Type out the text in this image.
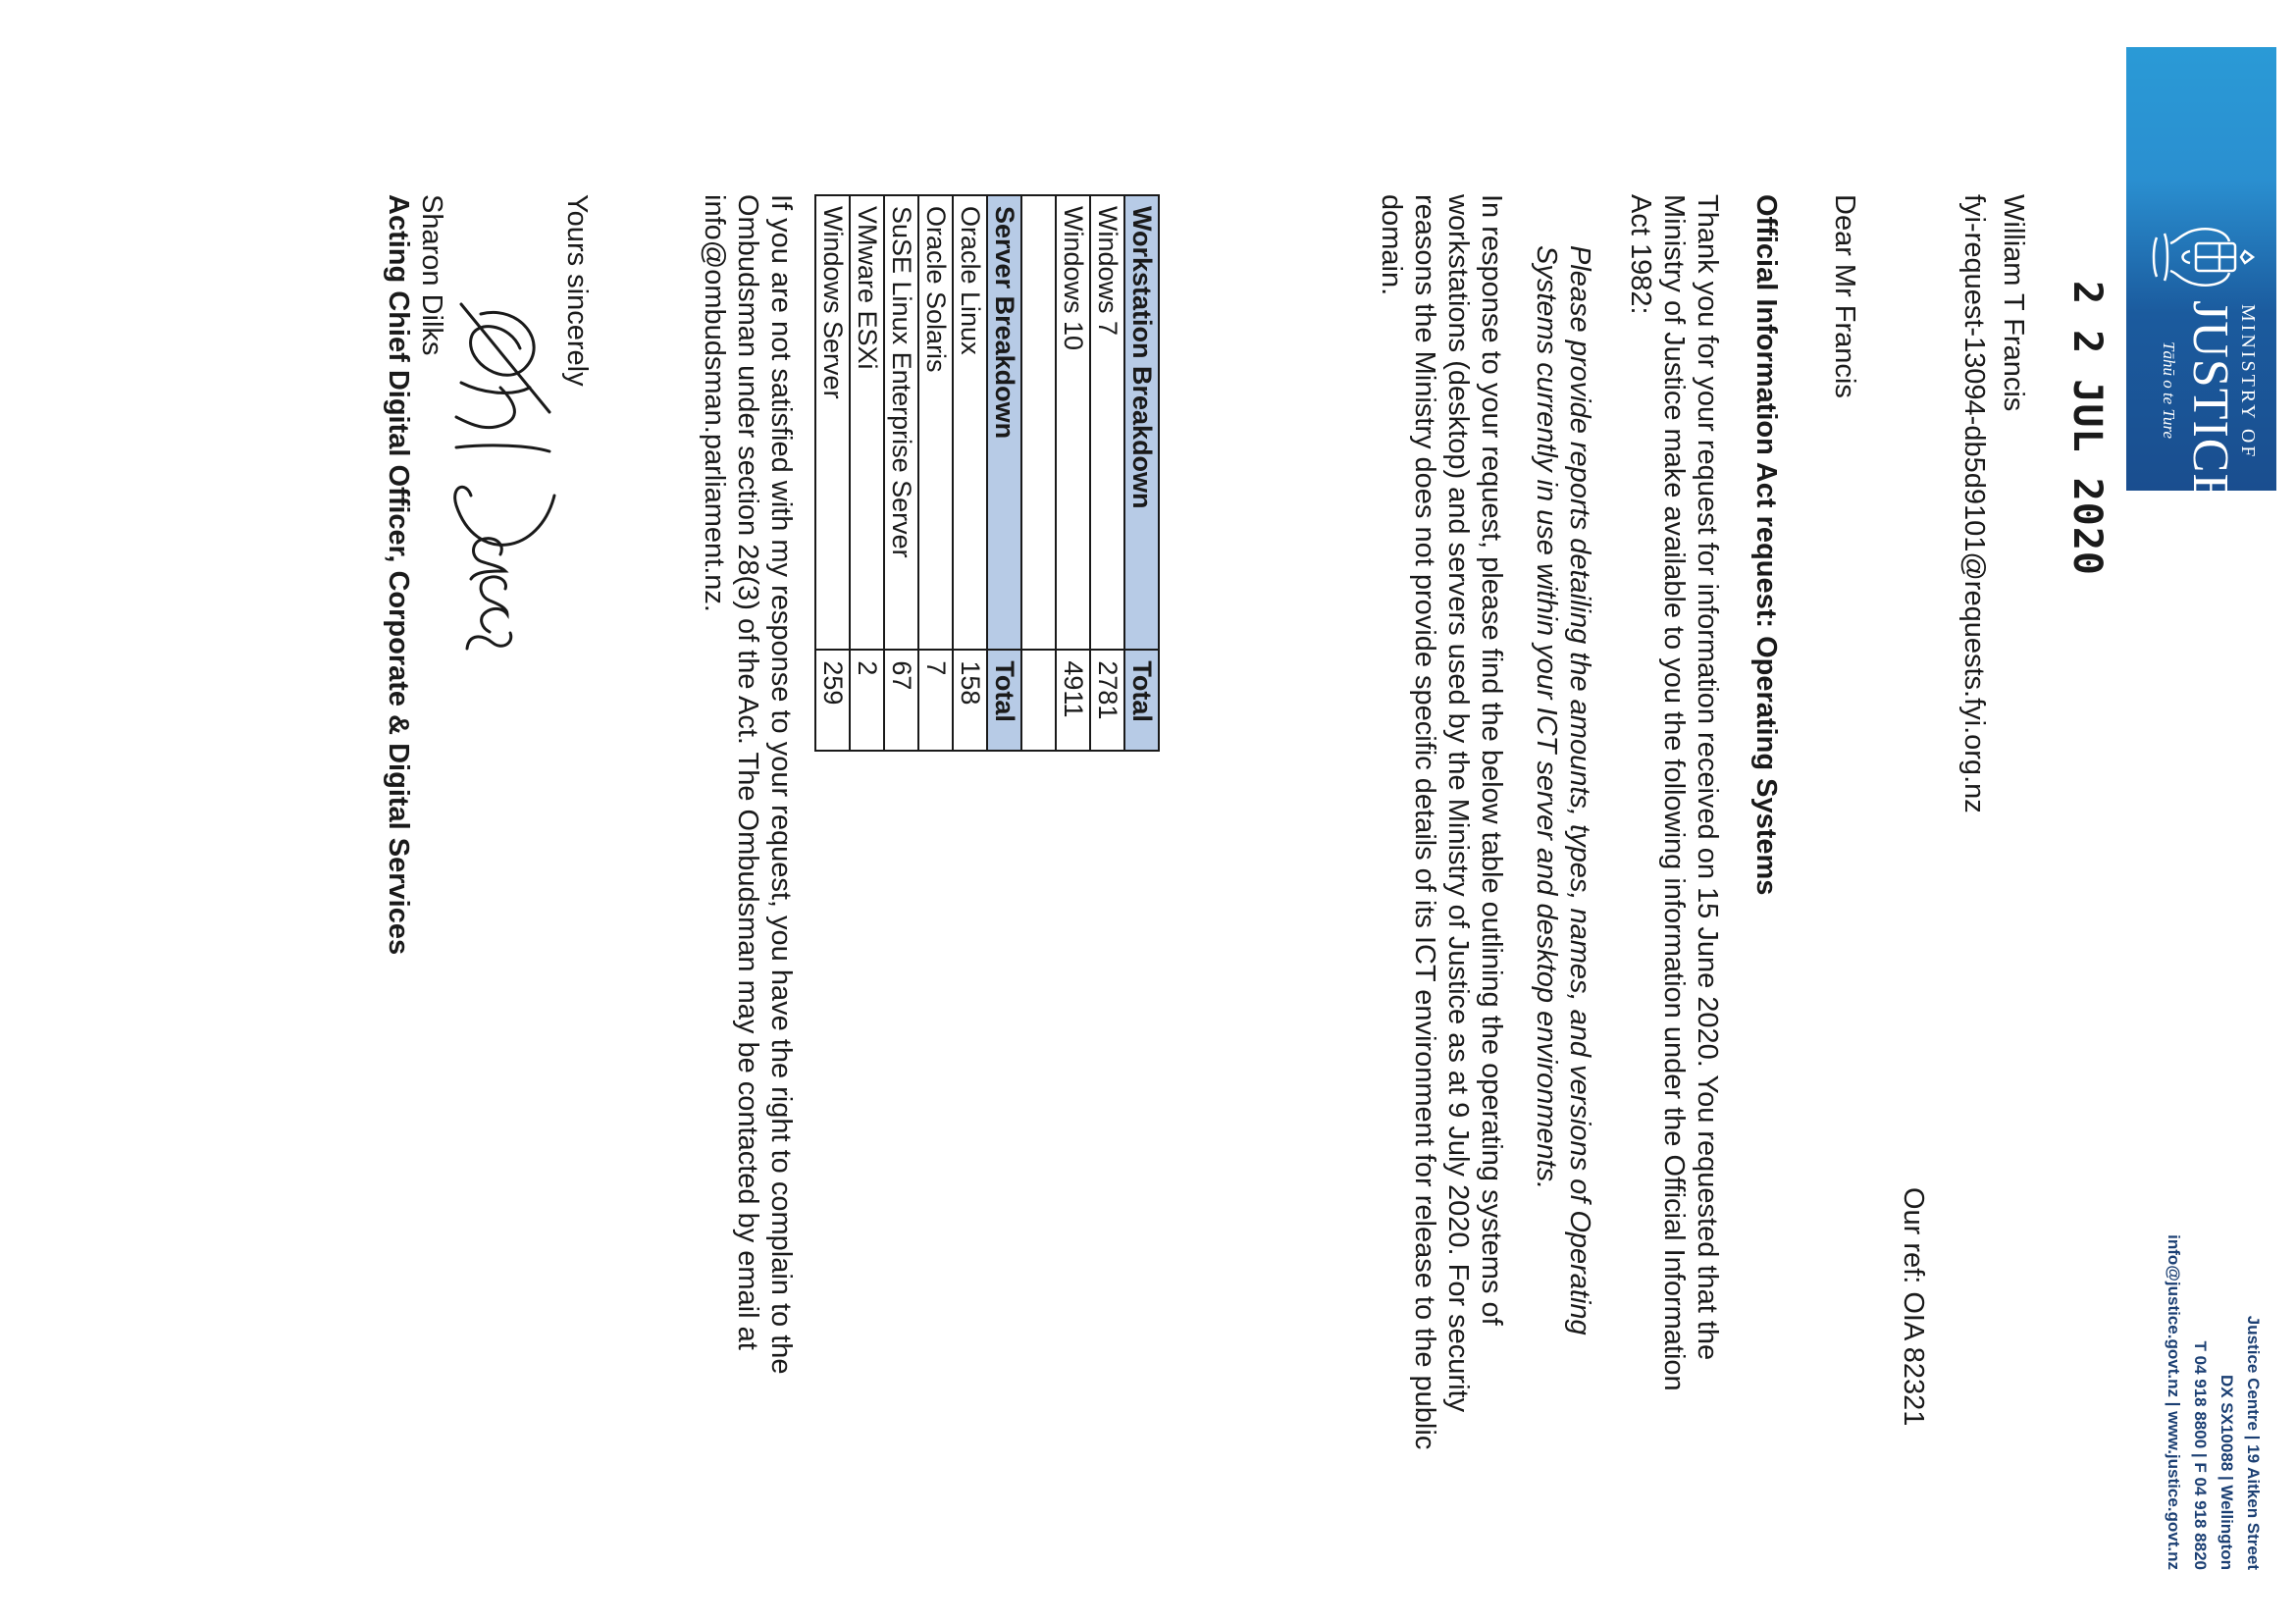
MINISTRY OF
JUSTICE
Tāhū o te Ture
2 2 JUL 2020
Justice Centre | 19 Aitken Street
DX SX10088 | Wellington
T 04 918 8800 | F 04 918 8820
info@justice.govt.nz | www.justice.govt.nz
William T Francis
fyi-request-13094-db5d9101@requests.fyi.org.nz
Our ref: OIA 82321
Dear Mr Francis
Official Information Act request: Operating Systems
Thank you for your request for information received on 15 June 2020. You requested that the
Ministry of Justice make available to you the following information under the Official Information
Act 1982:
Please provide reports detailing the amounts, types, names, and versions of Operating
Systems currently in use within your ICT server and desktop environments.
In response to your request, please find the below table outlining the operating systems of
workstations (desktop) and servers used by the Ministry of Justice as at 9 July 2020. For security
reasons the Ministry does not provide specific details of its ICT environment for release to the public
domain.
Workstation Breakdown	Total
Windows 7	2781
Windows 10	4911

Server Breakdown	Total
Oracle Linux	158
Oracle Solaris	7
SuSE Linux Enterprise Server	67
VMware ESXi	2
Windows Server	259
If you are not satisfied with my response to your request, you have the right to complain to the
Ombudsman under section 28(3) of the Act. The Ombudsman may be contacted by email at
info@ombudsman.parliament.nz.
Yours sincerely
Sharon Dilks
Acting Chief Digital Officer, Corporate & Digital Services
